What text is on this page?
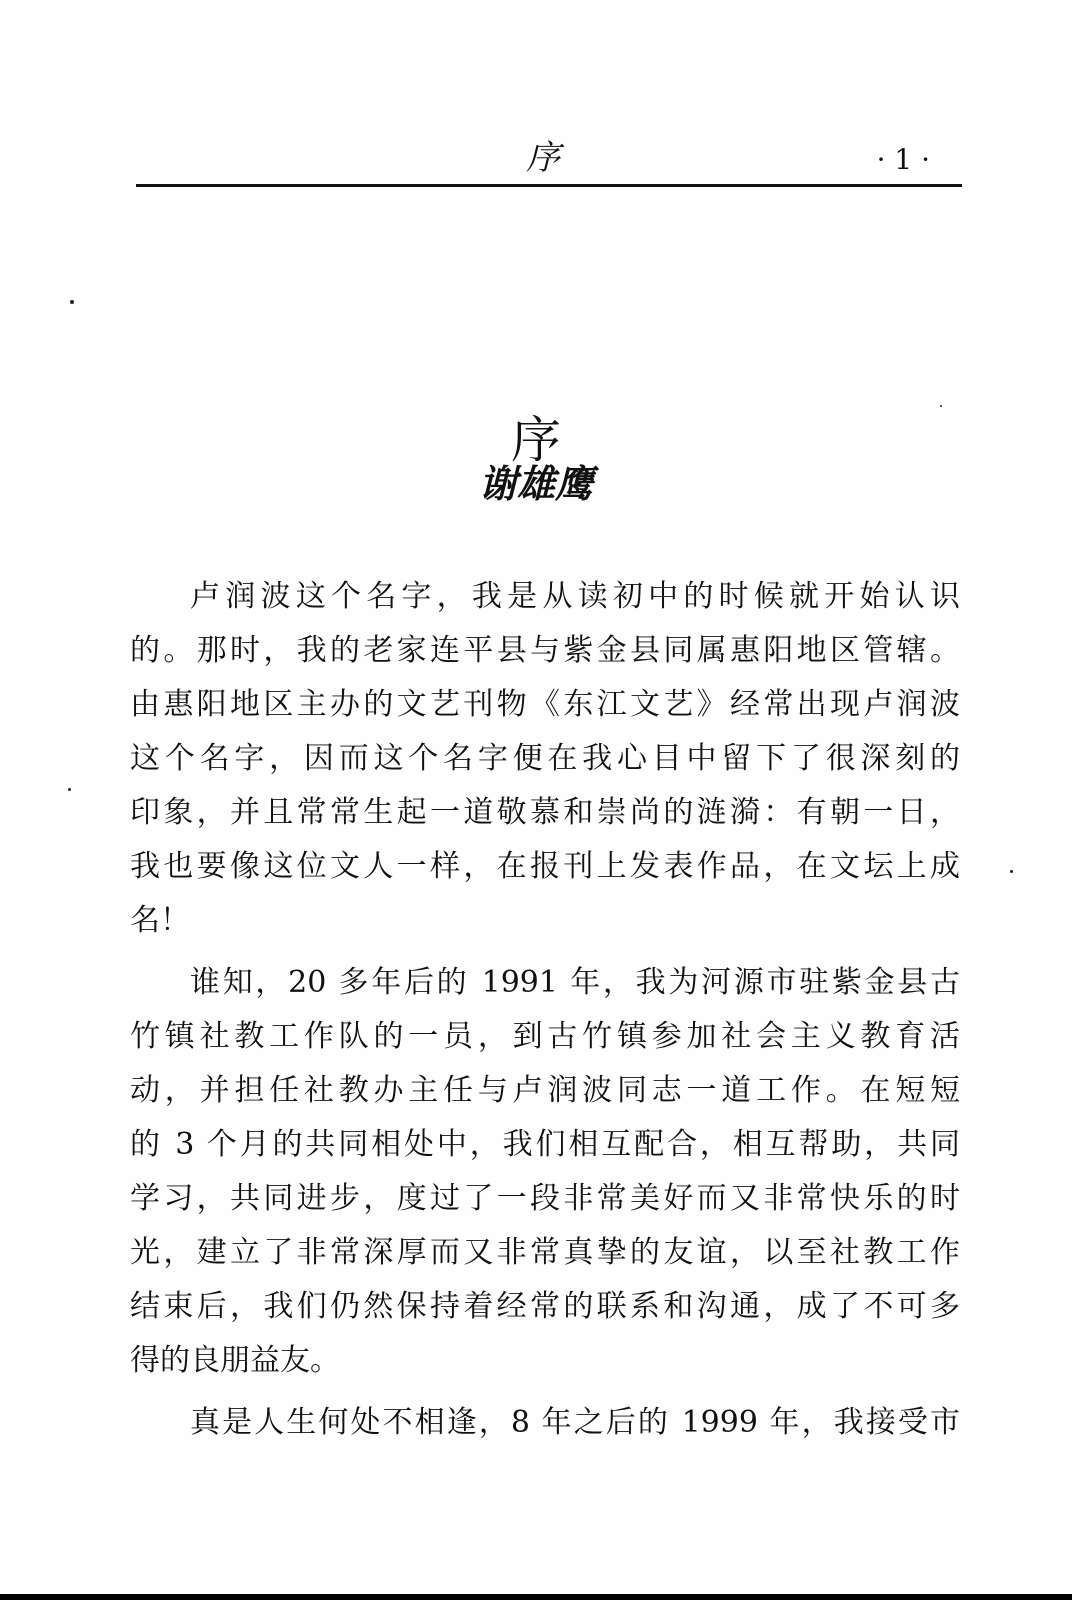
序	· 1 ·
序
谢雄鹰
卢润波这个名字，我是从读初中的时候就开始认识
的。那时，我的老家连平县与紫金县同属惠阳地区管辖。
由惠阳地区主办的文艺刊物《东江文艺》经常出现卢润波
这个名字，因而这个名字便在我心目中留下了很深刻的
印象，并且常常生起一道敬慕和崇尚的涟漪：有朝一日，
我也要像这位文人一样，在报刊上发表作品，在文坛上成
名！
谁知，20 多年后的 1991 年，我为河源市驻紫金县古
竹镇社教工作队的一员，到古竹镇参加社会主义教育活
动，并担任社教办主任与卢润波同志一道工作。在短短
的 3 个月的共同相处中，我们相互配合，相互帮助，共同
学习，共同进步，度过了一段非常美好而又非常快乐的时
光，建立了非常深厚而又非常真挚的友谊，以至社教工作
结束后，我们仍然保持着经常的联系和沟通，成了不可多
得的良朋益友。
真是人生何处不相逢，8 年之后的 1999 年，我接受市
